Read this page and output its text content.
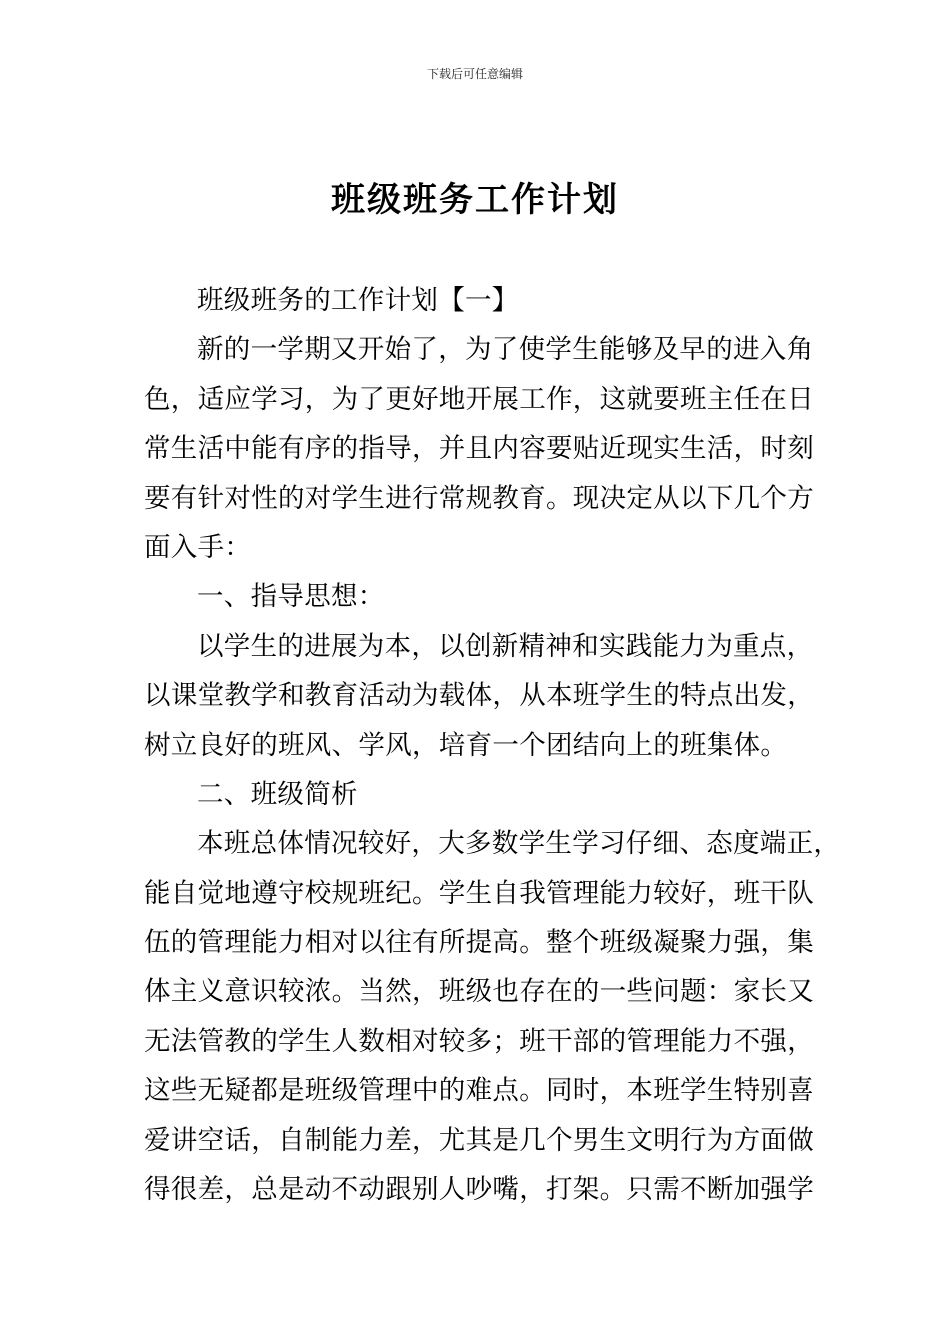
下载后可任意编辑
班级班务工作计划
班级班务的工作计划【一】
新的一学期又开始了，为了使学生能够及早的进入角
色，适应学习，为了更好地开展工作，这就要班主任在日
常生活中能有序的指导，并且内容要贴近现实生活，时刻
要有针对性的对学生进行常规教育。现决定从以下几个方
面入手：
一、指导思想：
以学生的进展为本，以创新精神和实践能力为重点，
以课堂教学和教育活动为载体，从本班学生的特点出发，
树立良好的班风、学风，培育一个团结向上的班集体。
二、班级简析
本班总体情况较好，大多数学生学习仔细、态度端正，
能自觉地遵守校规班纪。学生自我管理能力较好，班干队
伍的管理能力相对以往有所提高。整个班级凝聚力强，集
体主义意识较浓。当然，班级也存在的一些问题：家长又
无法管教的学生人数相对较多；班干部的管理能力不强，
这些无疑都是班级管理中的难点。同时，本班学生特别喜
爱讲空话，自制能力差，尤其是几个男生文明行为方面做
得很差，总是动不动跟别人吵嘴，打架。只需不断加强学
